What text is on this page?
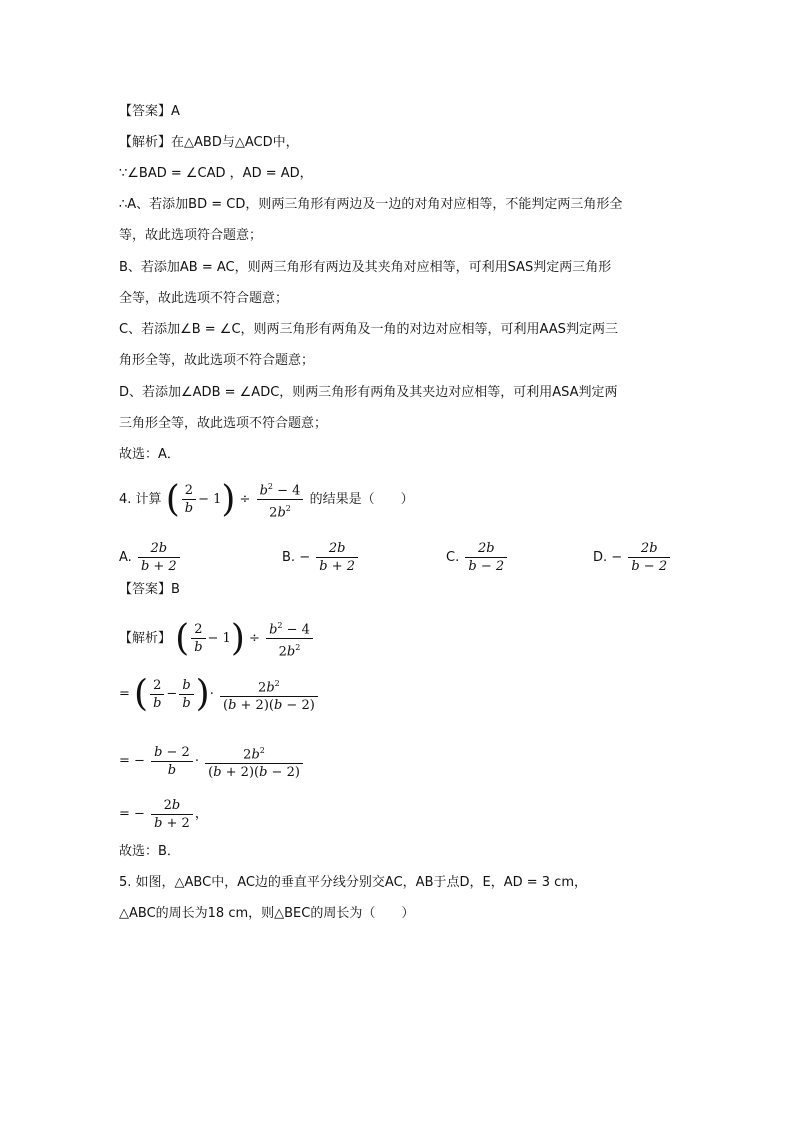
【答案】A
【解析】在△ABD与△ACD中，
∵∠BAD = ∠CAD ，AD = AD，
∴A、若添加BD = CD，则两三角形有两边及一边的对角对应相等，不能判定两三角形全
等，故此选项符合题意；
B、若添加AB = AC，则两三角形有两边及其夹角对应相等，可利用SAS判定两三角形
全等，故此选项不符合题意；
C、若添加∠B = ∠C，则两三角形有两角及一角的对边对应相等，可利用AAS判定两三
角形全等，故此选项不符合题意；
D、若添加∠ADB = ∠ADC，则两三角形有两角及其夹边对应相等，可利用ASA判定两
三角形全等，故此选项不符合题意；
故选：A．
4. 计算 ( $\frac{2}{b} - 1) \div \frac{b^2 - 4}{2b^2}$ 的结果是（　　）
A. $\frac{2b}{b + 2}$	B. − $\frac{2b}{b + 2}$	C. $\frac{2b}{b - 2}$	D. − $\frac{2b}{b - 2}$
【答案】B
【解析】 ( $\frac{2}{b} - 1) \div \frac{b^2 - 4}{2b^2}$
= ( $\frac{2}{b} - \frac{b}{b}$ )· $\frac{2b^2}{(b + 2)(b - 2)}$
= − $\frac{b - 2}{b} \cdot \frac{2b^2}{(b + 2)(b - 2)}$
= − $\frac{2b}{b + 2}$ ，
故选：B．
5. 如图，△ABC中，AC边的垂直平分线分别交AC，AB于点D，E，AD = 3 cm，
△ABC的周长为18 cm，则△BEC的周长为（　　）
